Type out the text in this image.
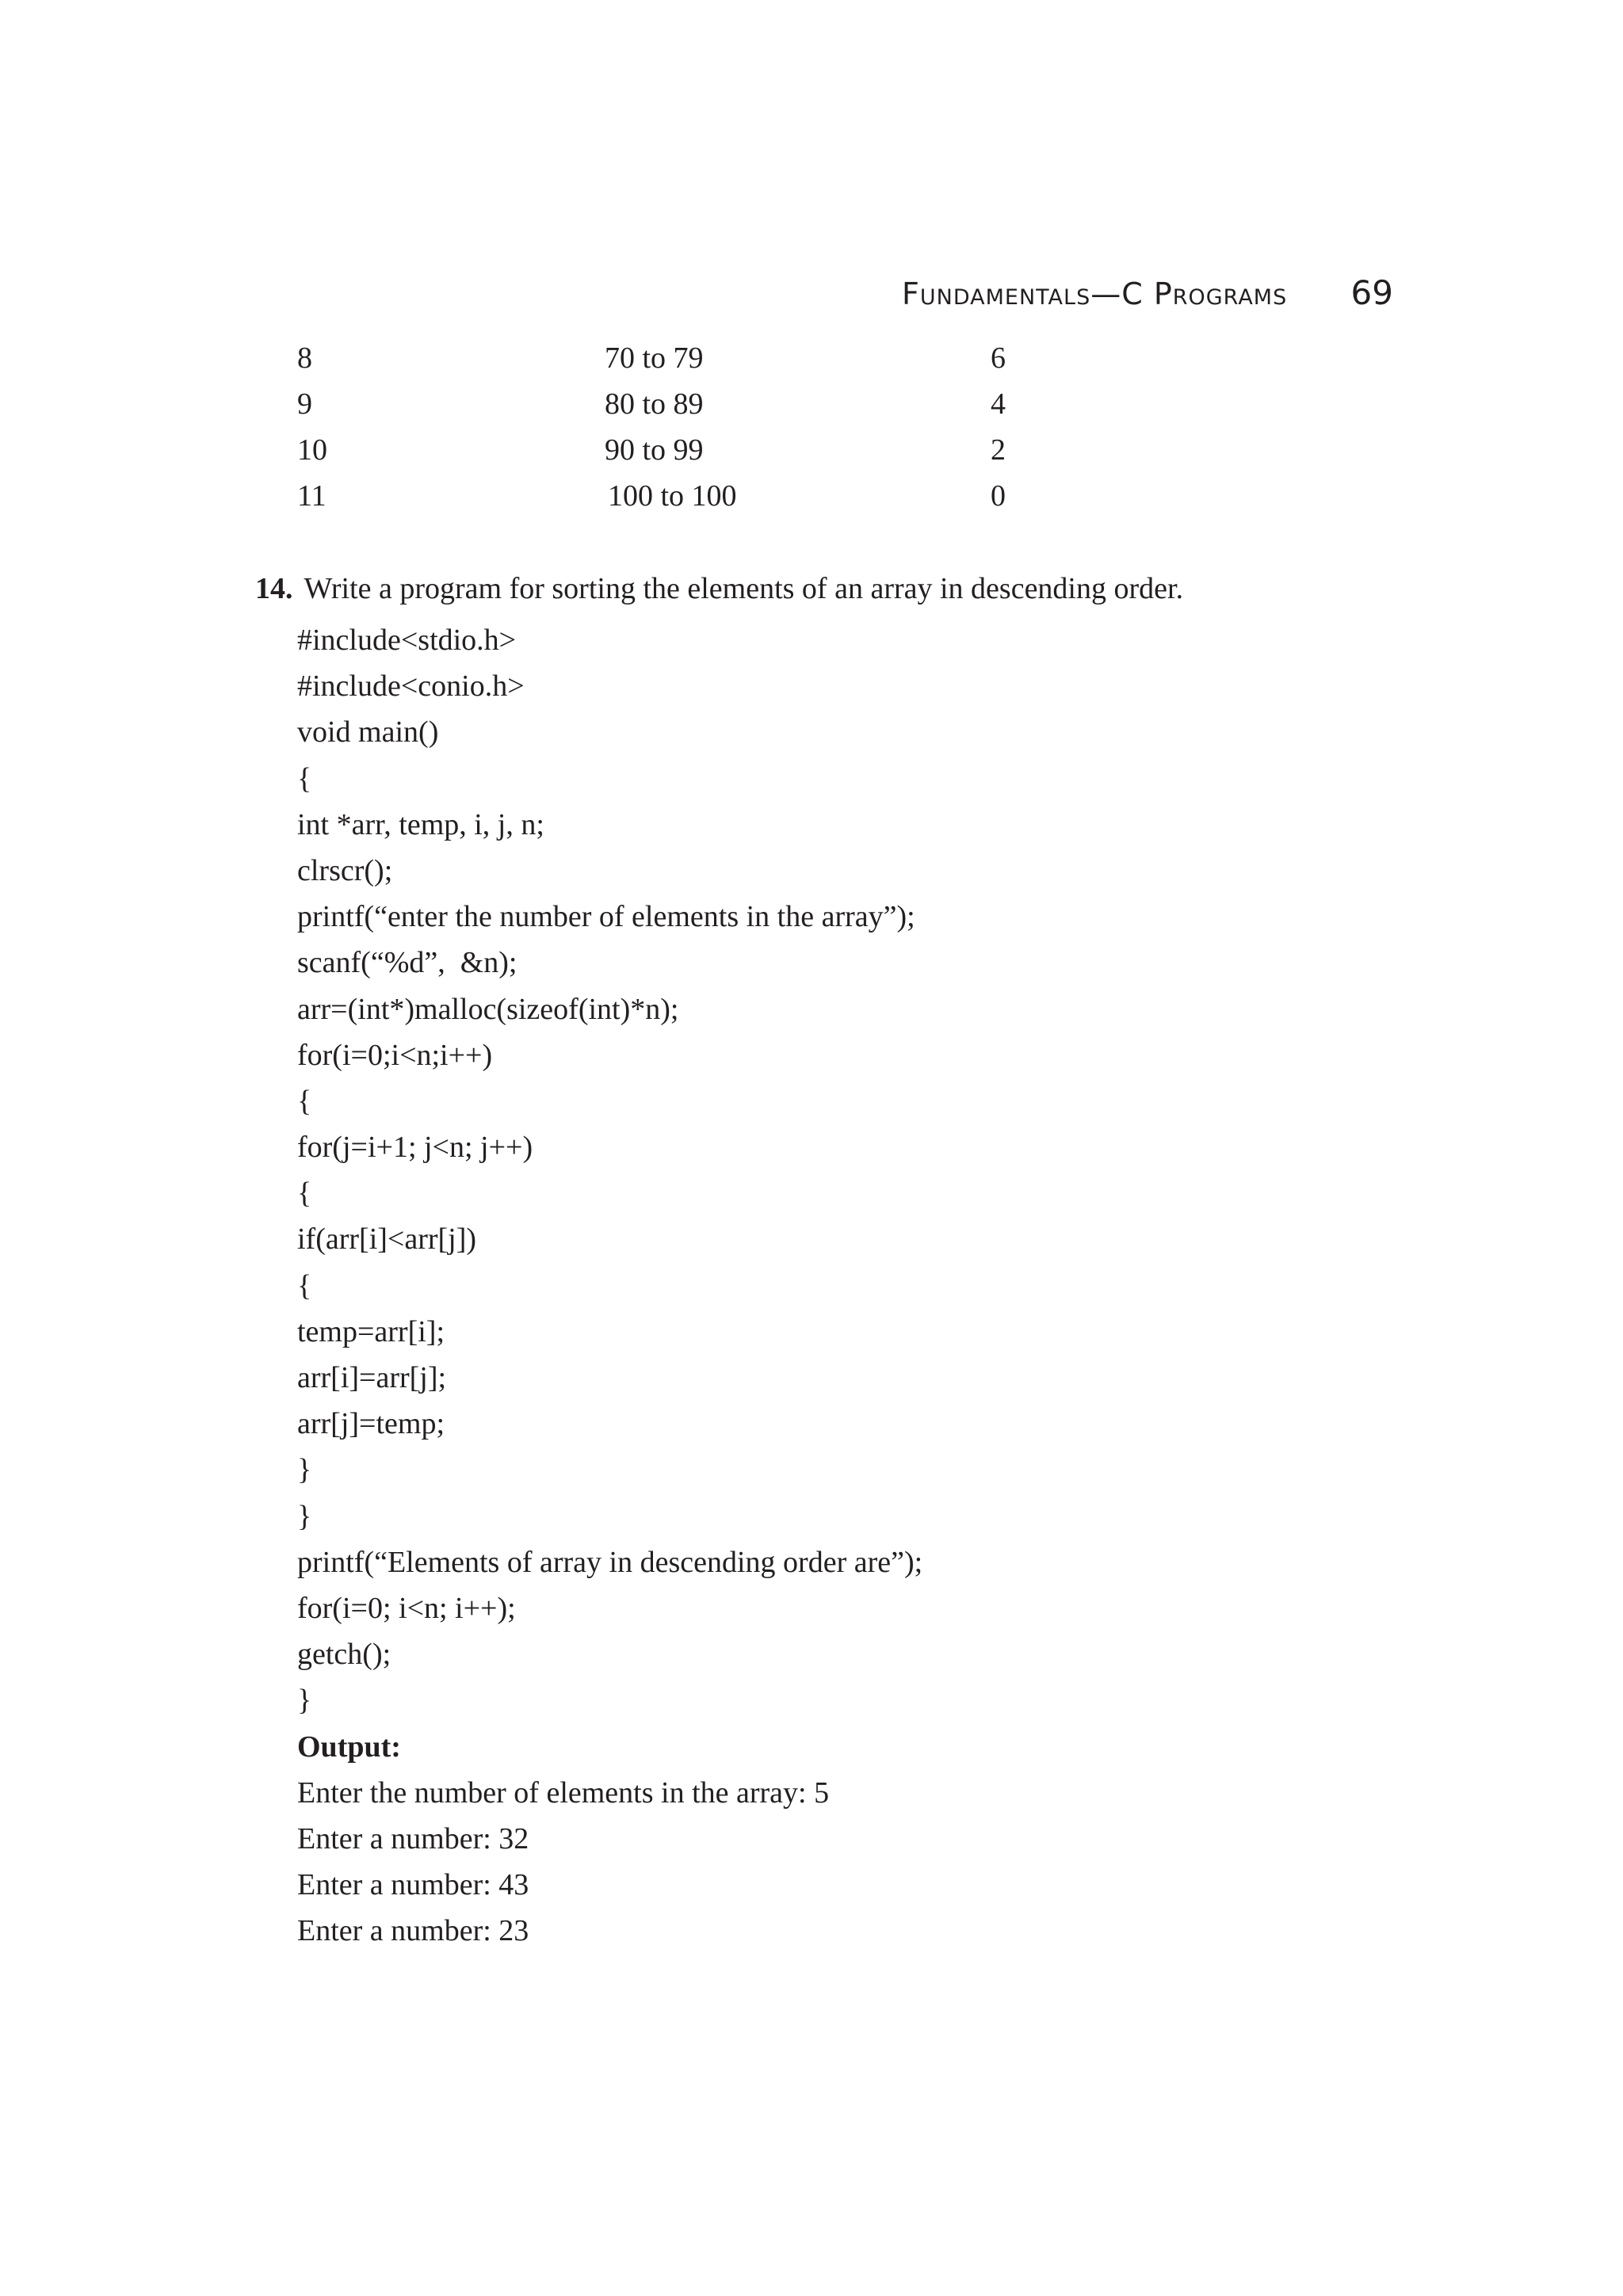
Fundamentals—C Programs 69
8	70 to 79	6
9	80 to 89	4
10	90 to 99	2
11	100 to 100	0
14. Write a program for sorting the elements of an array in descending order.
#include<stdio.h>
#include<conio.h>
void main()
{
int *arr, temp, i, j, n;
clrscr();
printf(“enter the number of elements in the array”);
scanf(“%d”,  &n);
arr=(int*)malloc(sizeof(int)*n);
for(i=0;i<n;i++)
{
for(j=i+1; j<n; j++)
{
if(arr[i]<arr[j])
{
temp=arr[i];
arr[i]=arr[j];
arr[j]=temp;
}
}
printf(“Elements of array in descending order are”);
for(i=0; i<n; i++);
getch();
}
Output:
Enter the number of elements in the array: 5
Enter a number: 32
Enter a number: 43
Enter a number: 23
